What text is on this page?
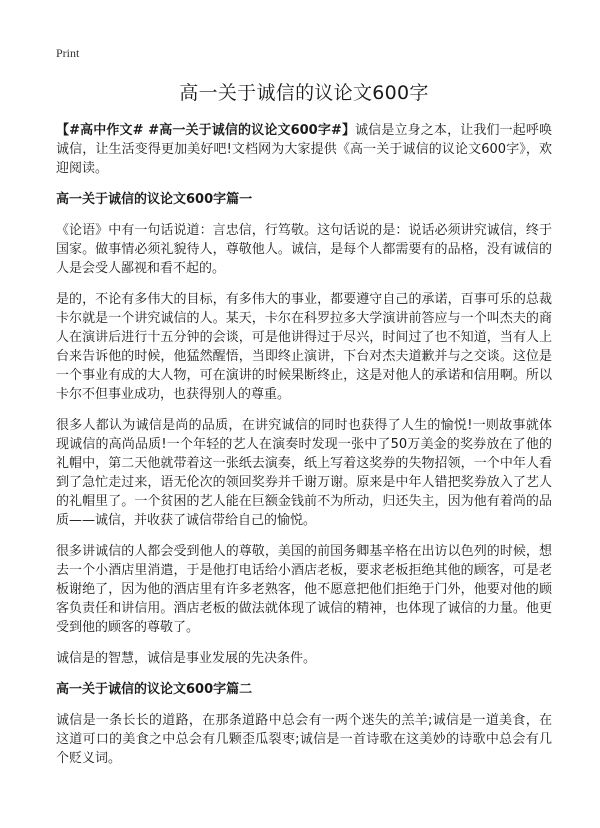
Print
高一关于诚信的议论文600字

【#高中作文# #高一关于诚信的议论文600字#】诚信是立身之本，让我们一起呼唤诚信，让生活变得更加美好吧!文档网为大家提供《高一关于诚信的议论文600字》，欢迎阅读。

高一关于诚信的议论文600字篇一

《论语》中有一句话说道：言忠信，行笃敬。这句话说的是：说话必须讲究诚信，终于国家。做事情必须礼貌待人，尊敬他人。诚信，是每个人都需要有的品格，没有诚信的人是会受人鄙视和看不起的。

是的，不论有多伟大的目标，有多伟大的事业，都要遵守自己的承诺，百事可乐的总裁卡尔就是一个讲究诚信的人。某天，卡尔在科罗拉多大学演讲前答应与一个叫杰夫的商人在演讲后进行十五分钟的会谈，可是他讲得过于尽兴，时间过了也不知道，当有人上台来告诉他的时候，他猛然醒悟，当即终止演讲，下台对杰夫道歉并与之交谈。这位是一个事业有成的大人物，可在演讲的时候果断终止，这是对他人的承诺和信用啊。所以卡尔不但事业成功，也获得别人的尊重。

很多人都认为诚信是尚的品质，在讲究诚信的同时也获得了人生的愉悦!一则故事就体现诚信的高尚品质!一个年轻的艺人在演奏时发现一张中了50万美金的奖券放在了他的礼帽中，第二天他就带着这一张纸去演奏，纸上写着这奖券的失物招领，一个中年人看到了急忙走过来，语无伦次的领回奖券并千谢万谢。原来是中年人错把奖券放入了艺人的礼帽里了。一个贫困的艺人能在巨额金钱前不为所动，归还失主，因为他有着尚的品质——诚信，并收获了诚信带给自己的愉悦。

很多讲诚信的人都会受到他人的尊敬，美国的前国务卿基辛格在出访以色列的时候，想去一个小酒店里消遣，于是他打电话给小酒店老板，要求老板拒绝其他的顾客，可是老板谢绝了，因为他的酒店里有许多老熟客，他不愿意把他们拒绝于门外，他要对他的顾客负责任和讲信用。酒店老板的做法就体现了诚信的精神，也体现了诚信的力量。他更受到他的顾客的尊敬了。

诚信是的智慧，诚信是事业发展的先决条件。

高一关于诚信的议论文600字篇二

诚信是一条长长的道路，在那条道路中总会有一两个迷失的羔羊;诚信是一道美食，在这道可口的美食之中总会有几颗歪瓜裂枣;诚信是一首诗歌在这美妙的诗歌中总会有几个贬义词。
